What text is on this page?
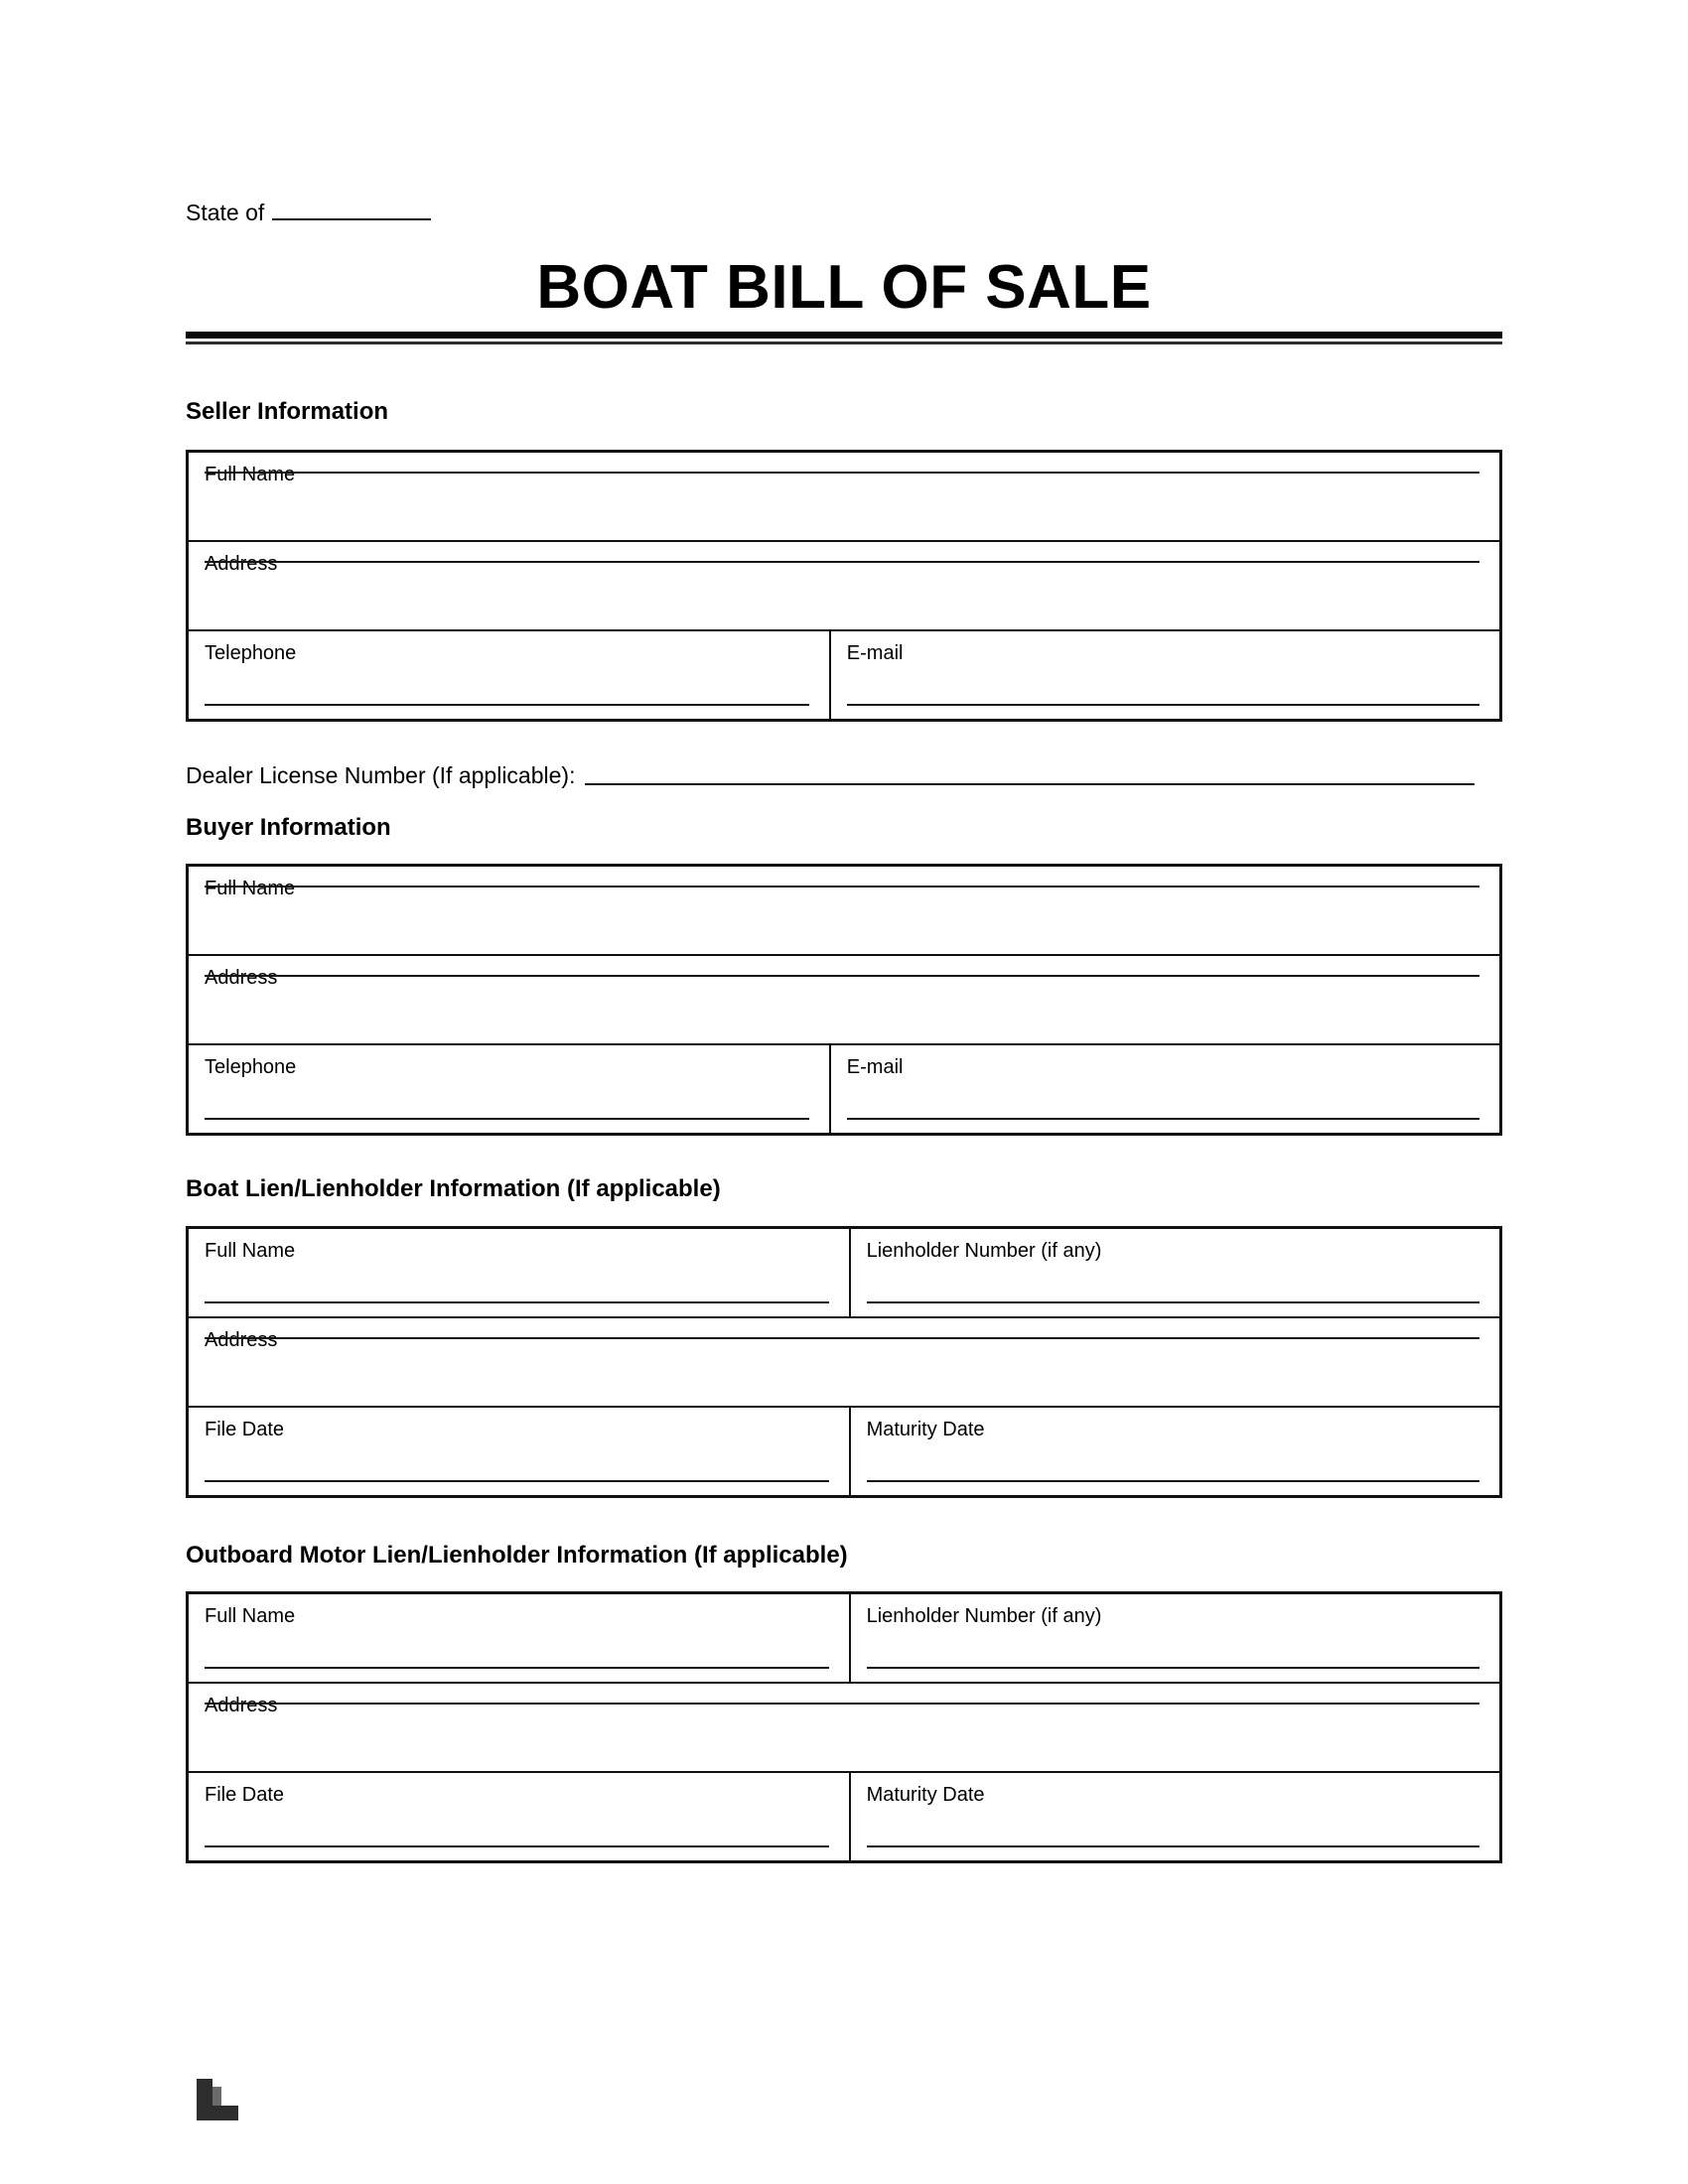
State of
BOAT BILL OF SALE
Seller Information
Full Name
Address
Telephone	E-mail
Dealer License Number (If applicable):
Buyer Information
Full Name
Address
Telephone	E-mail
Boat Lien/Lienholder Information (If applicable)
Full Name	Lienholder Number (if any)
Address
File Date	Maturity Date
Outboard Motor Lien/Lienholder Information (If applicable)
Full Name	Lienholder Number (if any)
Address
File Date	Maturity Date
